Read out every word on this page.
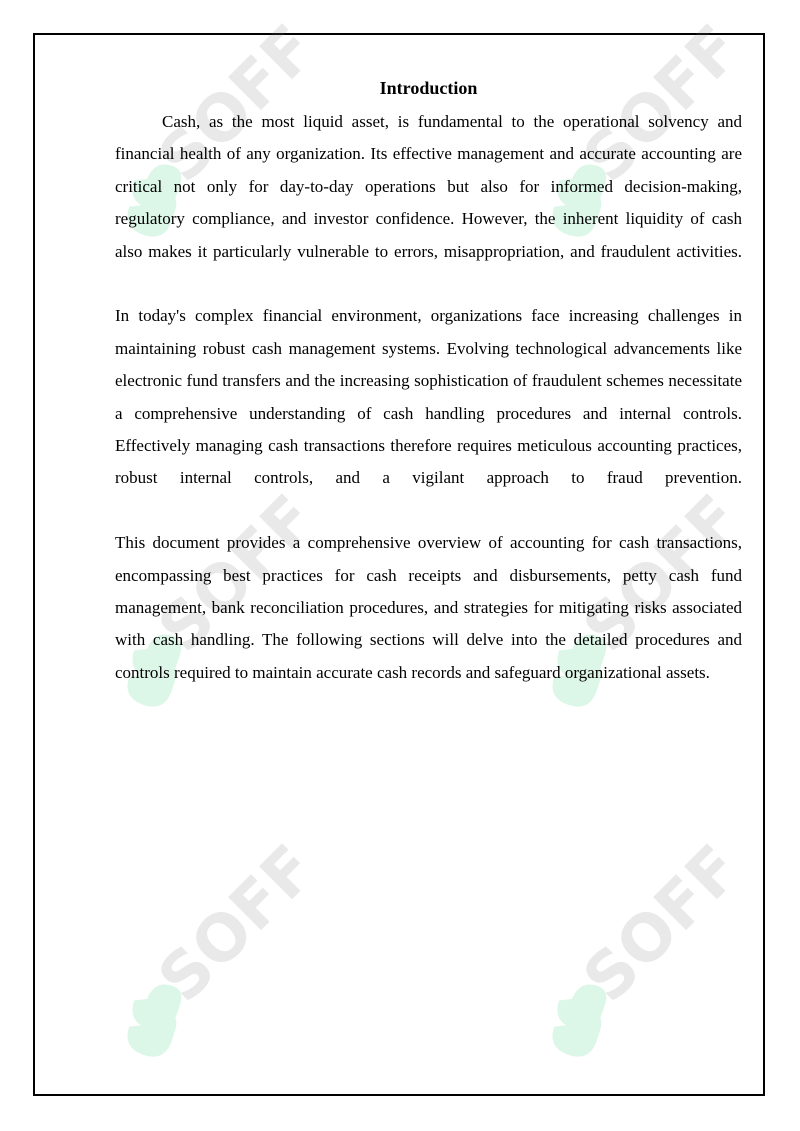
SOFF	SOFF
SOFF	SOFF
SOFF	SOFF
Introduction

Cash, as the most liquid asset, is fundamental to the operational solvency and financial health of any organization. Its effective management and accurate accounting are critical not only for day-to-day operations but also for informed decision-making, regulatory compliance, and investor confidence. However, the inherent liquidity of cash also makes it particularly vulnerable to errors, misappropriation, and fraudulent activities.

In today's complex financial environment, organizations face increasing challenges in maintaining robust cash management systems. Evolving technological advancements like electronic fund transfers and the increasing sophistication of fraudulent schemes necessitate a comprehensive understanding of cash handling procedures and internal controls. Effectively managing cash transactions therefore requires meticulous accounting practices, robust internal controls, and a vigilant approach to fraud prevention.

This document provides a comprehensive overview of accounting for cash transactions, encompassing best practices for cash receipts and disbursements, petty cash fund management, bank reconciliation procedures, and strategies for mitigating risks associated with cash handling. The following sections will delve into the detailed procedures and controls required to maintain accurate cash records and safeguard organizational assets.
